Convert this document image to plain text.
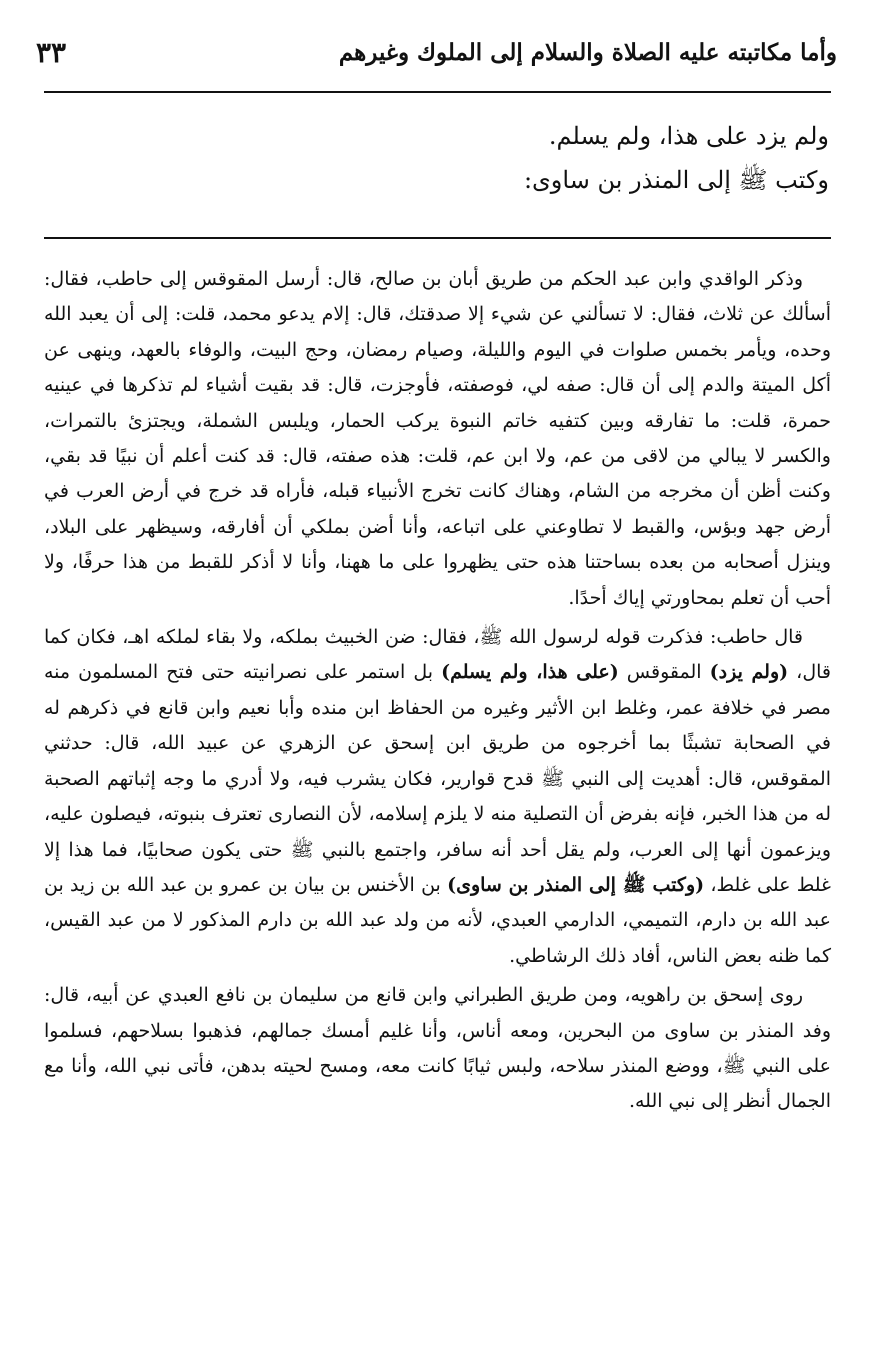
وأما مكاتبته عليه الصلاة والسلام إلى الملوك وغيرهم
٣٣
ولم يزد على هذا، ولم يسلم.
وكتب ﷺ إلى المنذر بن ساوى:

وذكر الواقدي وابن عبد الحكم من طريق أبان بن صالح، قال: أرسل المقوقس إلى حاطب، فقال: أسألك عن ثلاث، فقال: لا تسألني عن شيء إلا صدقتك، قال: إلام يدعو محمد، قلت: إلى أن يعبد الله وحده، ويأمر بخمس صلوات في اليوم والليلة، وصيام رمضان، وحج البيت، والوفاء بالعهد، وينهى عن أكل الميتة والدم إلى أن قال: صفه لي، فوصفته، فأوجزت، قال: قد بقيت أشياء لم تذكرها في عينيه حمرة، قلت: ما تفارقه وبين كتفيه خاتم النبوة يركب الحمار، ويلبس الشملة، ويجتزئ بالتمرات، والكسر لا يبالي من لاقى من عم، ولا ابن عم، قلت: هذه صفته، قال: قد كنت أعلم أن نبيًا قد بقي، وكنت أظن أن مخرجه من الشام، وهناك كانت تخرج الأنبياء قبله، فأراه قد خرج في أرض العرب في أرض جهد وبؤس، والقبط لا تطاوعني على اتباعه، وأنا أضن بملكي أن أفارقه، وسيظهر على البلاد، وينزل أصحابه من بعده بساحتنا هذه حتى يظهروا على ما ههنا، وأنا لا أذكر للقبط من هذا حرفًا، ولا أحب أن تعلم بمحاورتي إياك أحدًا.

قال حاطب: فذكرت قوله لرسول الله ﷺ، فقال: ضن الخبيث بملكه، ولا بقاء لملكه اهـ، فكان كما قال، (ولم يزد) المقوقس (على هذا، ولم يسلم) بل استمر على نصرانيته حتى فتح المسلمون منه مصر في خلافة عمر، وغلط ابن الأثير وغيره من الحفاظ ابن منده وأبا نعيم وابن قانع في ذكرهم له في الصحابة تشبثًا بما أخرجوه من طريق ابن إسحق عن الزهري عن عبيد الله، قال: حدثني المقوقس، قال: أهديت إلى النبي ﷺ قدح قوارير، فكان يشرب فيه، ولا أدري ما وجه إثباتهم الصحبة له من هذا الخبر، فإنه بفرض أن التصلية منه لا يلزم إسلامه، لأن النصارى تعترف بنبوته، فيصلون عليه، ويزعمون أنها إلى العرب، ولم يقل أحد أنه سافر، واجتمع بالنبي ﷺ حتى يكون صحابيًا، فما هذا إلا غلط على غلط، (وكتب ﷺ إلى المنذر بن ساوى) بن الأخنس بن بيان بن عمرو بن عبد الله بن زيد بن عبد الله بن دارم، التميمي، الدارمي العبدي، لأنه من ولد عبد الله بن دارم المذكور لا من عبد القيس، كما ظنه بعض الناس، أفاد ذلك الرشاطي.

روى إسحق بن راهويه، ومن طريق الطبراني وابن قانع من سليمان بن نافع العبدي عن أبيه، قال: وفد المنذر بن ساوى من البحرين، ومعه أناس، وأنا غليم أمسك جمالهم، فذهبوا بسلاحهم، فسلموا على النبي ﷺ، ووضع المنذر سلاحه، ولبس ثيابًا كانت معه، ومسح لحيته بدهن، فأتى نبي الله، وأنا مع الجمال أنظر إلى نبي الله.
